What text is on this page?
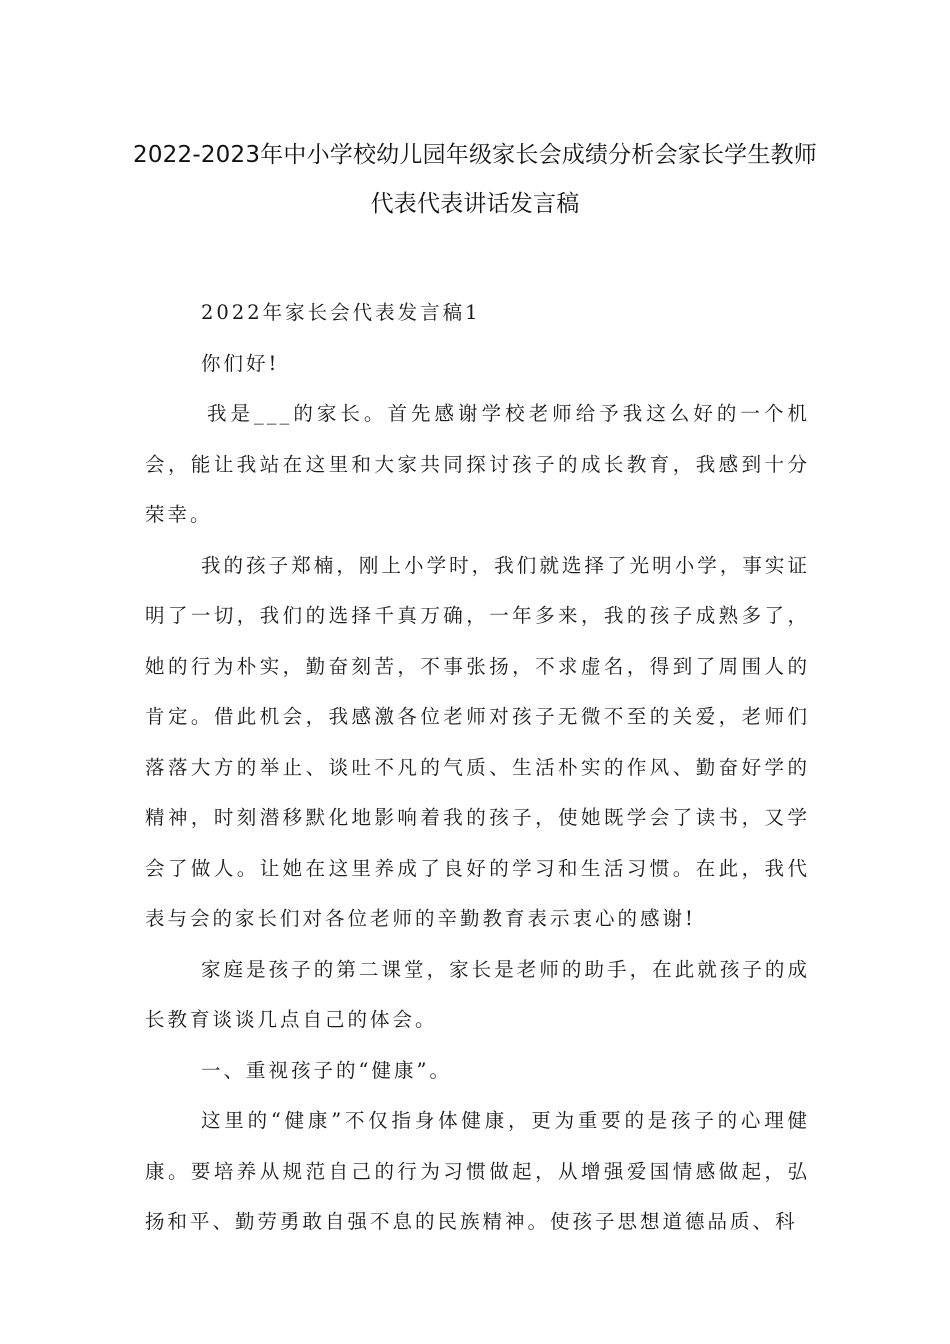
2022-2023年中小学校幼儿园年级家长会成绩分析会家长学生教师
代表代表讲话发言稿

2022年家长会代表发言稿1

你们好!

我是___的家长。首先感谢学校老师给予我这么好的一个机会，能让我站在这里和大家共同探讨孩子的成长教育，我感到十分荣幸。

我的孩子郑楠，刚上小学时，我们就选择了光明小学，事实证明了一切，我们的选择千真万确，一年多来，我的孩子成熟多了，她的行为朴实，勤奋刻苦，不事张扬，不求虚名，得到了周围人的肯定。借此机会，我感激各位老师对孩子无微不至的关爱，老师们落落大方的举止、谈吐不凡的气质、生活朴实的作风、勤奋好学的精神，时刻潜移默化地影响着我的孩子，使她既学会了读书，又学会了做人。让她在这里养成了良好的学习和生活习惯。在此，我代表与会的家长们对各位老师的辛勤教育表示衷心的感谢!

家庭是孩子的第二课堂，家长是老师的助手，在此就孩子的成长教育谈谈几点自己的体会。

一、重视孩子的“健康”。

这里的“健康”不仅指身体健康，更为重要的是孩子的心理健康。要培养从规范自己的行为习惯做起，从增强爱国情感做起，弘扬和平、勤劳勇敢自强不息的民族精神。使孩子思想道德品质、科
